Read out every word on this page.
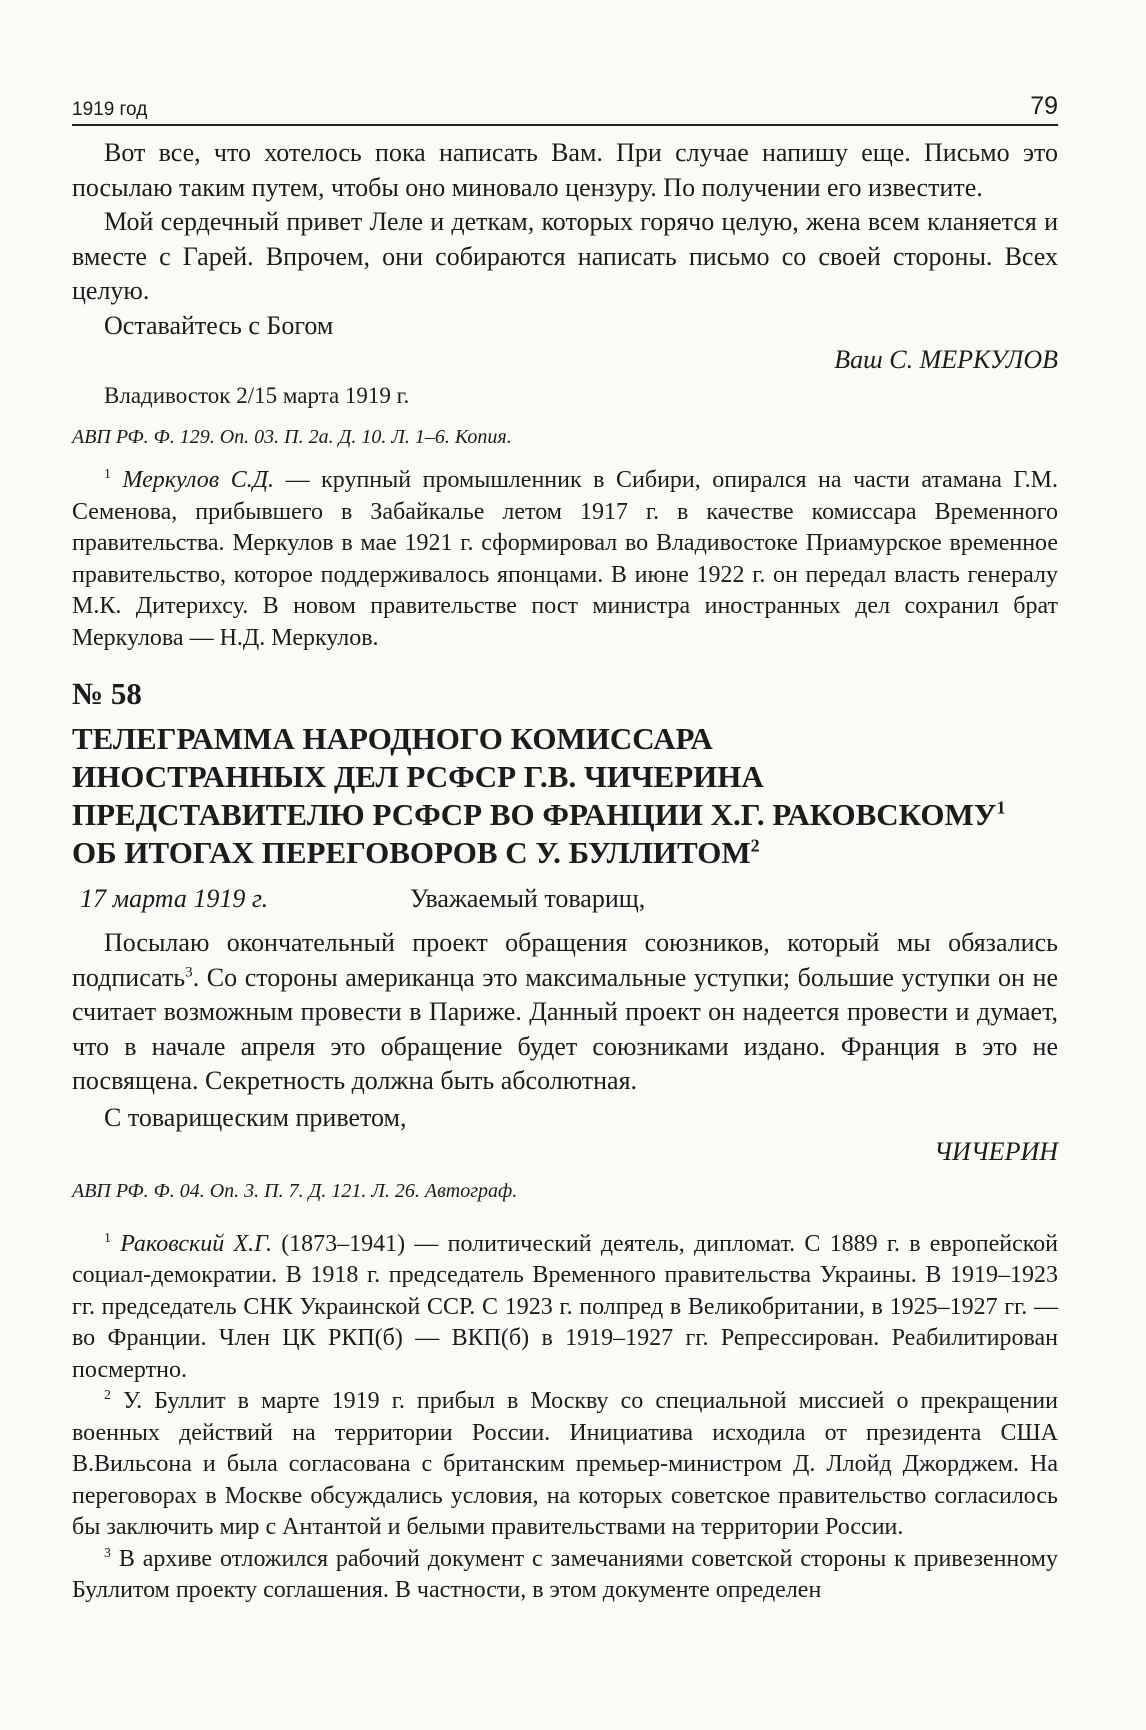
1919 год	79

Вот все, что хотелось пока написать Вам. При случае напишу еще. Письмо это посылаю таким путем, чтобы оно миновало цензуру. По получении его известите.

Мой сердечный привет Леле и деткам, которых горячо целую, жена всем кланяется и вместе с Гарей. Впрочем, они собираются написать письмо со своей стороны. Всех целую.

Оставайтесь с Богом

Ваш С. МЕРКУЛОВ

Владивосток 2/15 марта 1919 г.

АВП РФ. Ф. 129. Оп. 03. П. 2а. Д. 10. Л. 1–6. Копия.

$^1$ Меркулов С.Д. — крупный промышленник в Сибири, опирался на части атамана Г.М. Семенова, прибывшего в Забайкалье летом 1917 г. в качестве комиссара Временного правительства. Меркулов в мае 1921 г. сформировал во Владивостоке Приамурское временное правительство, которое поддерживалось японцами. В июне 1922 г. он передал власть генералу М.К. Дитерихсу. В новом правительстве пост министра иностранных дел сохранил брат Меркулова — Н.Д. Меркулов.

№ 58

ТЕЛЕГРАММА НАРОДНОГО КОМИССАРА
ИНОСТРАННЫХ ДЕЛ РСФСР Г.В. ЧИЧЕРИНА
ПРЕДСТАВИТЕЛЮ РСФСР ВО ФРАНЦИИ Х.Г. РАКОВСКОМУ$^1$
ОБ ИТОГАХ ПЕРЕГОВОРОВ С У. БУЛЛИТОМ$^2$
17 марта 1919 г.	Уважаемый товарищ,

Посылаю окончательный проект обращения союзников, который мы обязались подписать$^3$. Со стороны американца это максимальные уступки; большие уступки он не считает возможным провести в Париже. Данный проект он надеется провести и думает, что в начале апреля это обращение будет союзниками издано. Франция в это не посвящена. Секретность должна быть абсолютная.

С товарищеским приветом,

ЧИЧЕРИН

АВП РФ. Ф. 04. Оп. 3. П. 7. Д. 121. Л. 26. Автограф.

$^1$ Раковский Х.Г. (1873–1941) — политический деятель, дипломат. С 1889 г. в европейской социал-демократии. В 1918 г. председатель Временного правительства Украины. В 1919–1923 гг. председатель СНК Украинской ССР. С 1923 г. полпред в Великобритании, в 1925–1927 гг. — во Франции. Член ЦК РКП(б) — ВКП(б) в 1919–1927 гг. Репрессирован. Реабилитирован посмертно.

$^2$ У. Буллит в марте 1919 г. прибыл в Москву со специальной миссией о прекращении военных действий на территории России. Инициатива исходила от президента США В.Вильсона и была согласована с британским премьер-министром Д. Ллойд Джорджем. На переговорах в Москве обсуждались условия, на которых советское правительство согласилось бы заключить мир с Антантой и белыми правительствами на территории России.

$^3$ В архиве отложился рабочий документ с замечаниями советской стороны к привезенному Буллитом проекту соглашения. В частности, в этом документе определен
